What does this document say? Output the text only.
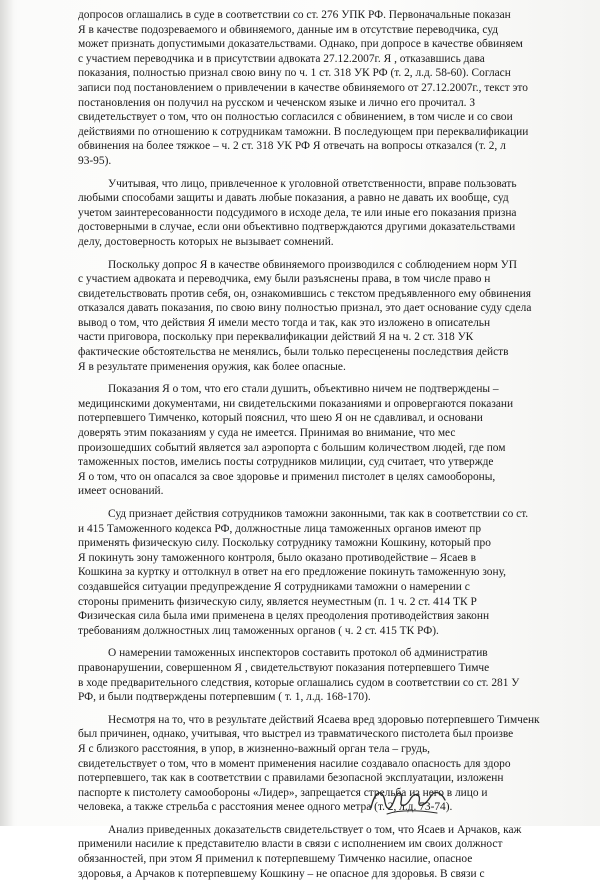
допросов оглашались в суде в соответствии со ст. 276 УПК РФ. Первоначальные показан
Я в качестве подозреваемого и обвиняемого, данные им в отсутствие переводчика, суд
может признать допустимыми доказательствами. Однако, при допросе в качестве обвиняем
с участием переводчика и в присутствии адвоката 27.12.2007г. Я , отказавшись дава
показания, полностью признал свою вину по ч. 1 ст. 318 УК РФ (т. 2, л.д. 58-60). Согласн
записи под постановлением о привлечении в качестве обвиняемого от 27.12.2007г., текст это
постановления он получил на русском и чеченском языке и лично его прочитал. З
свидетельствует о том, что он полностью согласился с обвинением, в том числе и со свои
действиями по отношению к сотрудникам таможни. В последующем при переквалификации
обвинения на более тяжкое – ч. 2 ст. 318 УК РФ Я отвечать на вопросы отказался (т. 2, л
93-95).
Учитывая, что лицо, привлеченное к уголовной ответственности, вправе пользовать
любыми способами защиты и давать любые показания, а равно не давать их вообще, суд
учетом заинтересованности подсудимого в исходе дела, те или иные его показания призна
достоверными в случае, если они объективно подтверждаются другими доказательствами
делу, достоверность которых не вызывает сомнений.
Поскольку допрос Я в качестве обвиняемого производился с соблюдением норм УП
с участием адвоката и переводчика, ему были разъяснены права, в том числе право н
свидетельствовать против себя, он, ознакомившись с текстом предъявленного ему обвинения
отказался давать показания, по свою вину полностью признал, это дает основание суду сдела
вывод о том, что действия Я имели место тогда и так, как это изложено в описательн
части приговора, поскольку при переквалификации действий Я на ч. 2 ст. 318 УК
фактические обстоятельства не менялись, были только пересценены последствия действ
Я в результате применения оружия, как более опасные.
Показания Я о том, что его стали душить, объективно ничем не подтверждены –
медицинскими документами, ни свидетельскими показаниями и опровергаются показани
потерпевшего Тимченко, который пояснил, что шею Я он не сдавливал, и основани
доверять этим показаниям у суда не имеется. Принимая во внимание, что мес
произошедших событий является зал аэропорта с большим количеством людей, где пом
таможенных постов, имелись посты сотрудников милиции, суд считает, что утвержде
Я о том, что он опасался за свое здоровье и применил пистолет в целях самообороны,
имеет оснований.
Суд признает действия сотрудников таможни законными, так как в соответствии со ст.
и 415 Таможенного кодекса РФ, должностные лица таможенных органов имеют пр
применять физическую силу. Поскольку сотруднику таможни Кошкину, который про
Я покинуть зону таможенного контроля, было оказано противодействие – Ясаев в
Кошкина за куртку и оттолкнул в ответ на его предложение покинуть таможенную зону,
создавшейся ситуации предупреждение Я сотрудниками таможни о намерении с
стороны применить физическую силу, является неуместным (п. 1 ч. 2 ст. 414 ТК Р
Физическая сила была ими применена в целях преодоления противодействия законн
требованиям должностных лиц таможенных органов ( ч. 2 ст. 415 ТК РФ).
О намерении таможенных инспекторов составить протокол об административ
правонарушении, совершенном Я , свидетельствуют показания потерпевшего Тимче
в ходе предварительного следствия, которые оглашались судом в соответствии со ст. 281 У
РФ, и были подтверждены потерпевшим ( т. 1, л.д. 168-170).
Несмотря на то, что в результате действий Ясаева вред здоровью потерпевшего Тимченк
был причинен, однако, учитывая, что выстрел из травматического пистолета был произве
Я с близкого расстояния, в упор, в жизненно-важный орган тела – грудь,
свидетельствует о том, что в момент применения насилие создавало опасность для здоро
потерпевшего, так как в соответствии с правилами безопасной эксплуатации, изложенн
паспорте к пистолету самообороны «Лидер», запрещается стрельба из него в лицо и
человека, а также стрельба с расстояния менее одного метра (т. 2, л.д. 73-74).
Анализ приведенных доказательств свидетельствует о том, что Ясаев и Арчаков, каж
применили насилие к представителю власти в связи с исполнением им своих должност
обязанностей, при этом Я применил к потерпевшему Тимченко насилие, опасное
здоровья, а Арчаков к потерпевшему Кошкину – не опасное для здоровья. В связи с
